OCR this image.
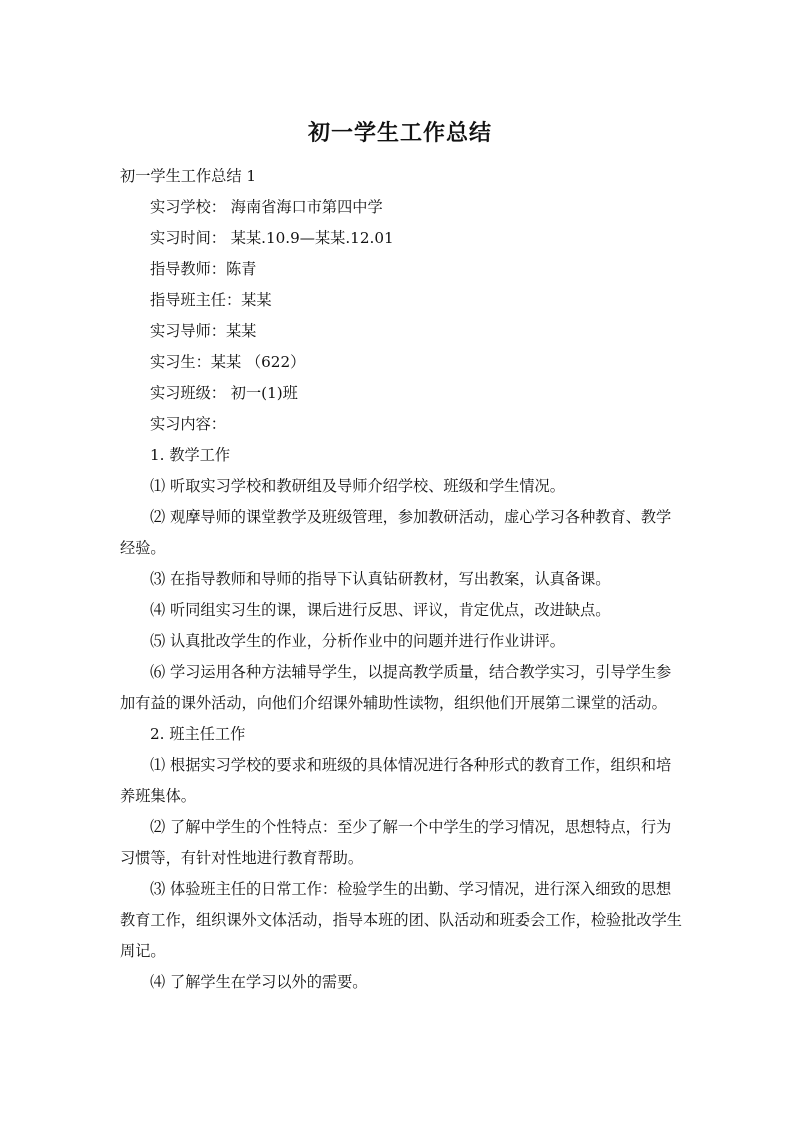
初一学生工作总结

初一学生工作总结 1

实习学校： 海南省海口市第四中学

实习时间： 某某.10.9—某某.12.01

指导教师：陈青

指导班主任：某某

实习导师：某某

实习生：某某 （622）

实习班级： 初一(1)班

实习内容：

1. 教学工作

⑴ 听取实习学校和教研组及导师介绍学校、班级和学生情况。

⑵ 观摩导师的课堂教学及班级管理，参加教研活动，虚心学习各种教育、教学经验。

⑶ 在指导教师和导师的指导下认真钻研教材，写出教案，认真备课。

⑷ 听同组实习生的课，课后进行反思、评议，肯定优点，改进缺点。

⑸ 认真批改学生的作业，分析作业中的问题并进行作业讲评。

⑹ 学习运用各种方法辅导学生，以提高教学质量，结合教学实习，引导学生参加有益的课外活动，向他们介绍课外辅助性读物，组织他们开展第二课堂的活动。

2. 班主任工作

⑴ 根据实习学校的要求和班级的具体情况进行各种形式的教育工作，组织和培养班集体。

⑵ 了解中学生的个性特点：至少了解一个中学生的学习情况，思想特点，行为习惯等，有针对性地进行教育帮助。

⑶ 体验班主任的日常工作：检验学生的出勤、学习情况，进行深入细致的思想教育工作，组织课外文体活动，指导本班的团、队活动和班委会工作，检验批改学生周记。

⑷ 了解学生在学习以外的需要。
